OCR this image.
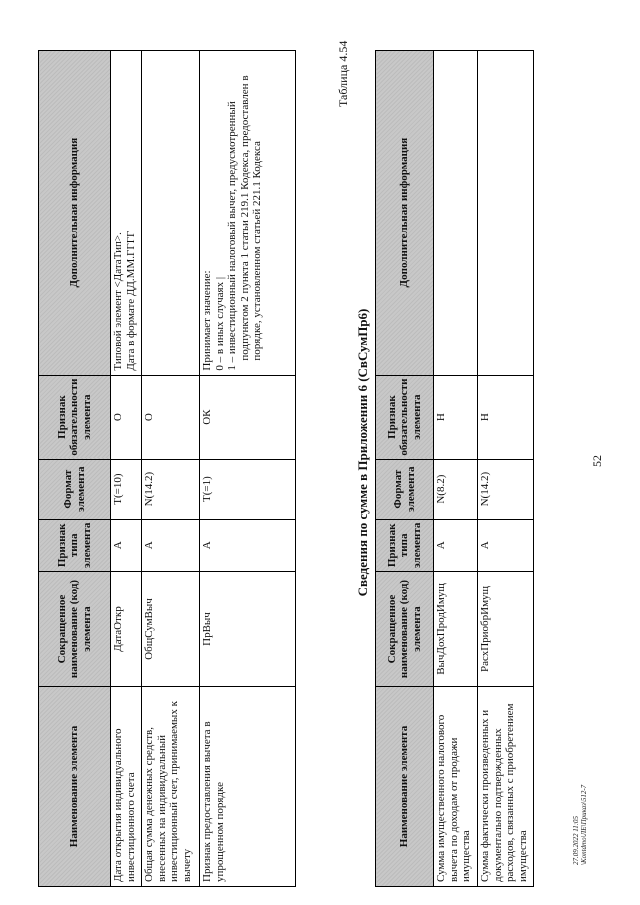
52
Наименование элемента	Сокращенное наименование (код) элемента	Признак типа элемента	Формат элемента	Признак обязательности элемента	Дополнительная информация
Дата открытия индивидуального инвестиционного счета	ДатаОткр	А	T(=10)	О	Типовой элемент <ДатаТип>. Дата в формате ДД.ММ.ГГГГ

Общая сумма денежных средств, внесенных на индивидуальный инвестиционный счет, принимаемых к вычету	ОбщСумВыч	А	N(14.2)	О	
Признак предоставления вычета в упрощенном порядке	ПрВыч	А	T(=1)	ОК	Принимает значение: 0 – в иных случаях | 1 – инвестиционный налоговый вычет, предусмотренный подпунктом 2 пункта 1 статьи 219.1 Кодекса, предоставлен в порядке, установленном статьей 221.1 Кодекса
Таблица 4.54
Сведения по сумме в Приложении 6 (СвСумПр6)
Наименование элемента	Сокращенное наименование (код) элемента	Признак типа элемента	Формат элемента	Признак обязательности элемента	Дополнительная информация
Сумма имущественного налогового вычета по доходам от продажи имущества	ВычДохПродИмущ	А	N(8.2)	Н	
Сумма фактически произведенных и документально подтвержденных расходов, связанных с приобретением имущества	РасхПриобрИмущ	А	N(14.2)	Н	
27.09.2022 11:05 \Kontdmo\ЛЕ\Приказ\512-7
